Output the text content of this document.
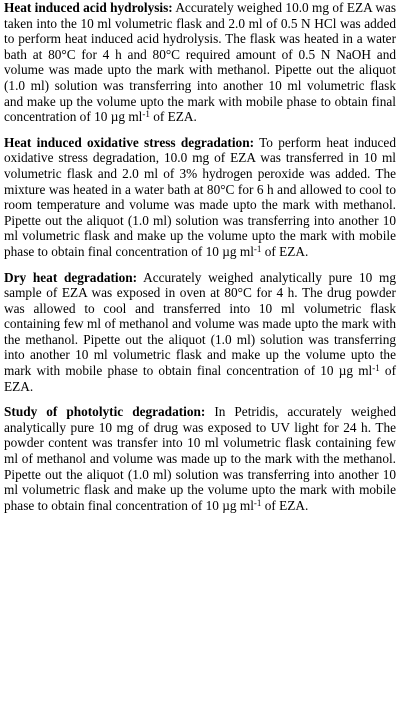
Heat induced acid hydrolysis: Accurately weighed 10.0 mg of EZA was taken into the 10 ml volumetric flask and 2.0 ml of 0.5 N HCl was added to perform heat induced acid hydrolysis. The flask was heated in a water bath at 80°C for 4 h and 80°C required amount of 0.5 N NaOH and volume was made upto the mark with methanol. Pipette out the aliquot (1.0 ml) solution was transferring into another 10 ml volumetric flask and make up the volume upto the mark with mobile phase to obtain final concentration of 10 µg $ml^{-1}$ of EZA.

Heat induced oxidative stress degradation: To perform heat induced oxidative stress degradation, 10.0 mg of EZA was transferred in 10 ml volumetric flask and 2.0 ml of 3% hydrogen peroxide was added. The mixture was heated in a water bath at 80°C for 6 h and allowed to cool to room temperature and volume was made upto the mark with methanol. Pipette out the aliquot (1.0 ml) solution was transferring into another 10 ml volumetric flask and make up the volume upto the mark with mobile phase to obtain final concentration of 10 µg $ml^{-1}$ of EZA.

Dry heat degradation: Accurately weighed analytically pure 10 mg sample of EZA was exposed in oven at 80°C for 4 h. The drug powder was allowed to cool and transferred into 10 ml volumetric flask containing few ml of methanol and volume was made upto the mark with the methanol. Pipette out the aliquot (1.0 ml) solution was transferring into another 10 ml volumetric flask and make up the volume upto the mark with mobile phase to obtain final concentration of 10 µg $ml^{-1}$ of EZA.

Study of photolytic degradation: In Petridis, accurately weighed analytically pure 10 mg of drug was exposed to UV light for 24 h. The powder content was transfer into 10 ml volumetric flask containing few ml of methanol and volume was made up to the mark with the methanol. Pipette out the aliquot (1.0 ml) solution was transferring into another 10 ml volumetric flask and make up the volume upto the mark with mobile phase to obtain final concentration of 10 µg $ml^{-1}$ of EZA.
